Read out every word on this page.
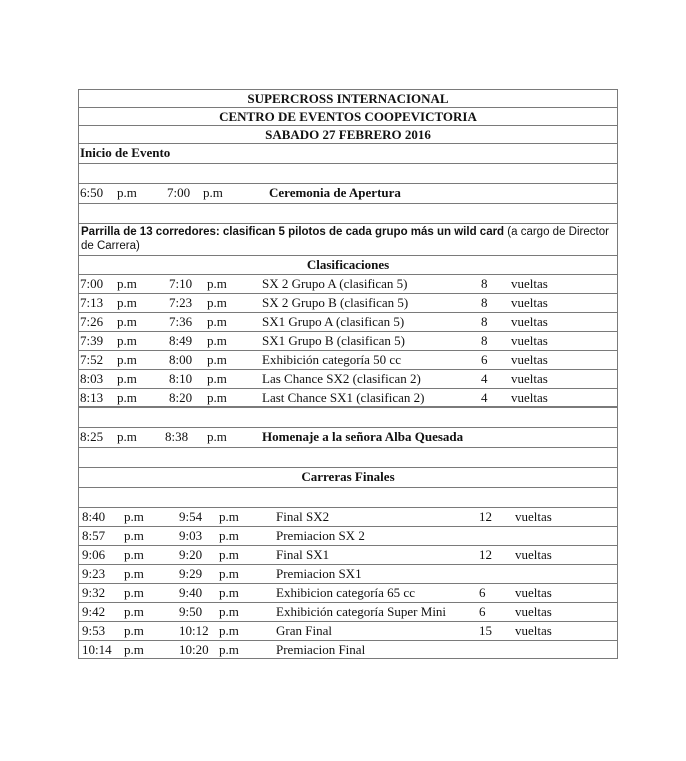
SUPERCROSS INTERNACIONAL
CENTRO DE EVENTOS COOPEVICTORIA
SABADO 27 FEBRERO 2016
Inicio de Evento
6:50 p.m 7:00 p.m	Ceremonia de Apertura
Parrilla de 13 corredores: clasifican 5 pilotos de cada grupo más un wild card (a cargo de Director de Carrera)
Clasificaciones
7:00 p.m 7:10 p.m	SX 2 Grupo A (clasifican 5)	8 vueltas
7:13 p.m 7:23 p.m	SX 2 Grupo B (clasifican 5)	8 vueltas
7:26 p.m 7:36 p.m	SX1 Grupo A (clasifican 5)	8 vueltas
7:39 p.m 8:49 p.m	SX1 Grupo B (clasifican 5)	8 vueltas
7:52 p.m 8:00 p.m	Exhibición categoría 50 cc	6 vueltas
8:03 p.m 8:10 p.m	Las Chance SX2 (clasifican 2)	4 vueltas
8:13 p.m 8:20 p.m	Last Chance SX1 (clasifican 2)	4 vueltas
8:25 p.m 8:38 p.m	Homenaje a la señora Alba Quesada
Carreras Finales
8:40 p.m	9:54 p.m	Final SX2	12 vueltas
8:57 p.m	9:03 p.m	Premiacion SX 2
9:06 p.m	9:20 p.m	Final SX1	12 vueltas
9:23 p.m	9:29 p.m	Premiacion SX1
9:32 p.m	9:40 p.m	Exhibicion categoría 65 cc	6 vueltas
9:42 p.m	9:50 p.m	Exhibición categoría Super Mini	6 vueltas
9:53 p.m	10:12 p.m	Gran Final	15 vueltas
10:14 p.m	10:20 p.m	Premiacion Final
